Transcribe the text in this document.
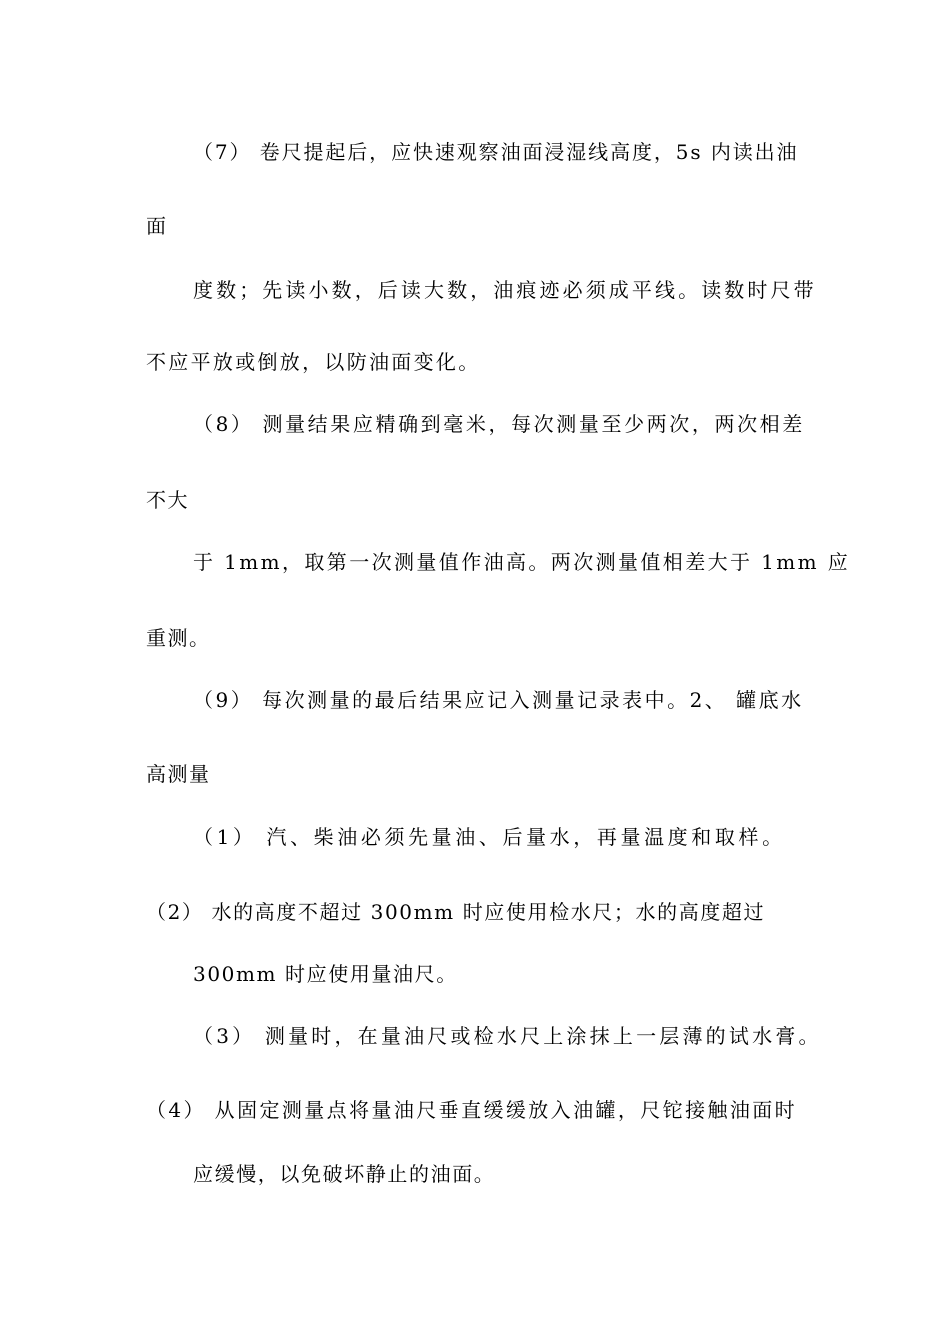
（7） 卷尺提起后，应快速观察油面浸湿线高度，5s 内读出油
面
度数；先读小数，后读大数，油痕迹必须成平线。读数时尺带
不应平放或倒放，以防油面变化。
（8） 测量结果应精确到毫米，每次测量至少两次，两次相差
不大
于 1mm，取第一次测量值作油高。两次测量值相差大于 1mm 应
重测。
（9） 每次测量的最后结果应记入测量记录表中。2、 罐底水
高测量
（1） 汽、柴油必须先量油、后量水，再量温度和取样。
（2） 水的高度不超过 300mm 时应使用检水尺；水的高度超过
300mm 时应使用量油尺。
（3） 测量时，在量油尺或检水尺上涂抹上一层薄的试水膏。
（4） 从固定测量点将量油尺垂直缓缓放入油罐，尺铊接触油面时
应缓慢，以免破坏静止的油面。
